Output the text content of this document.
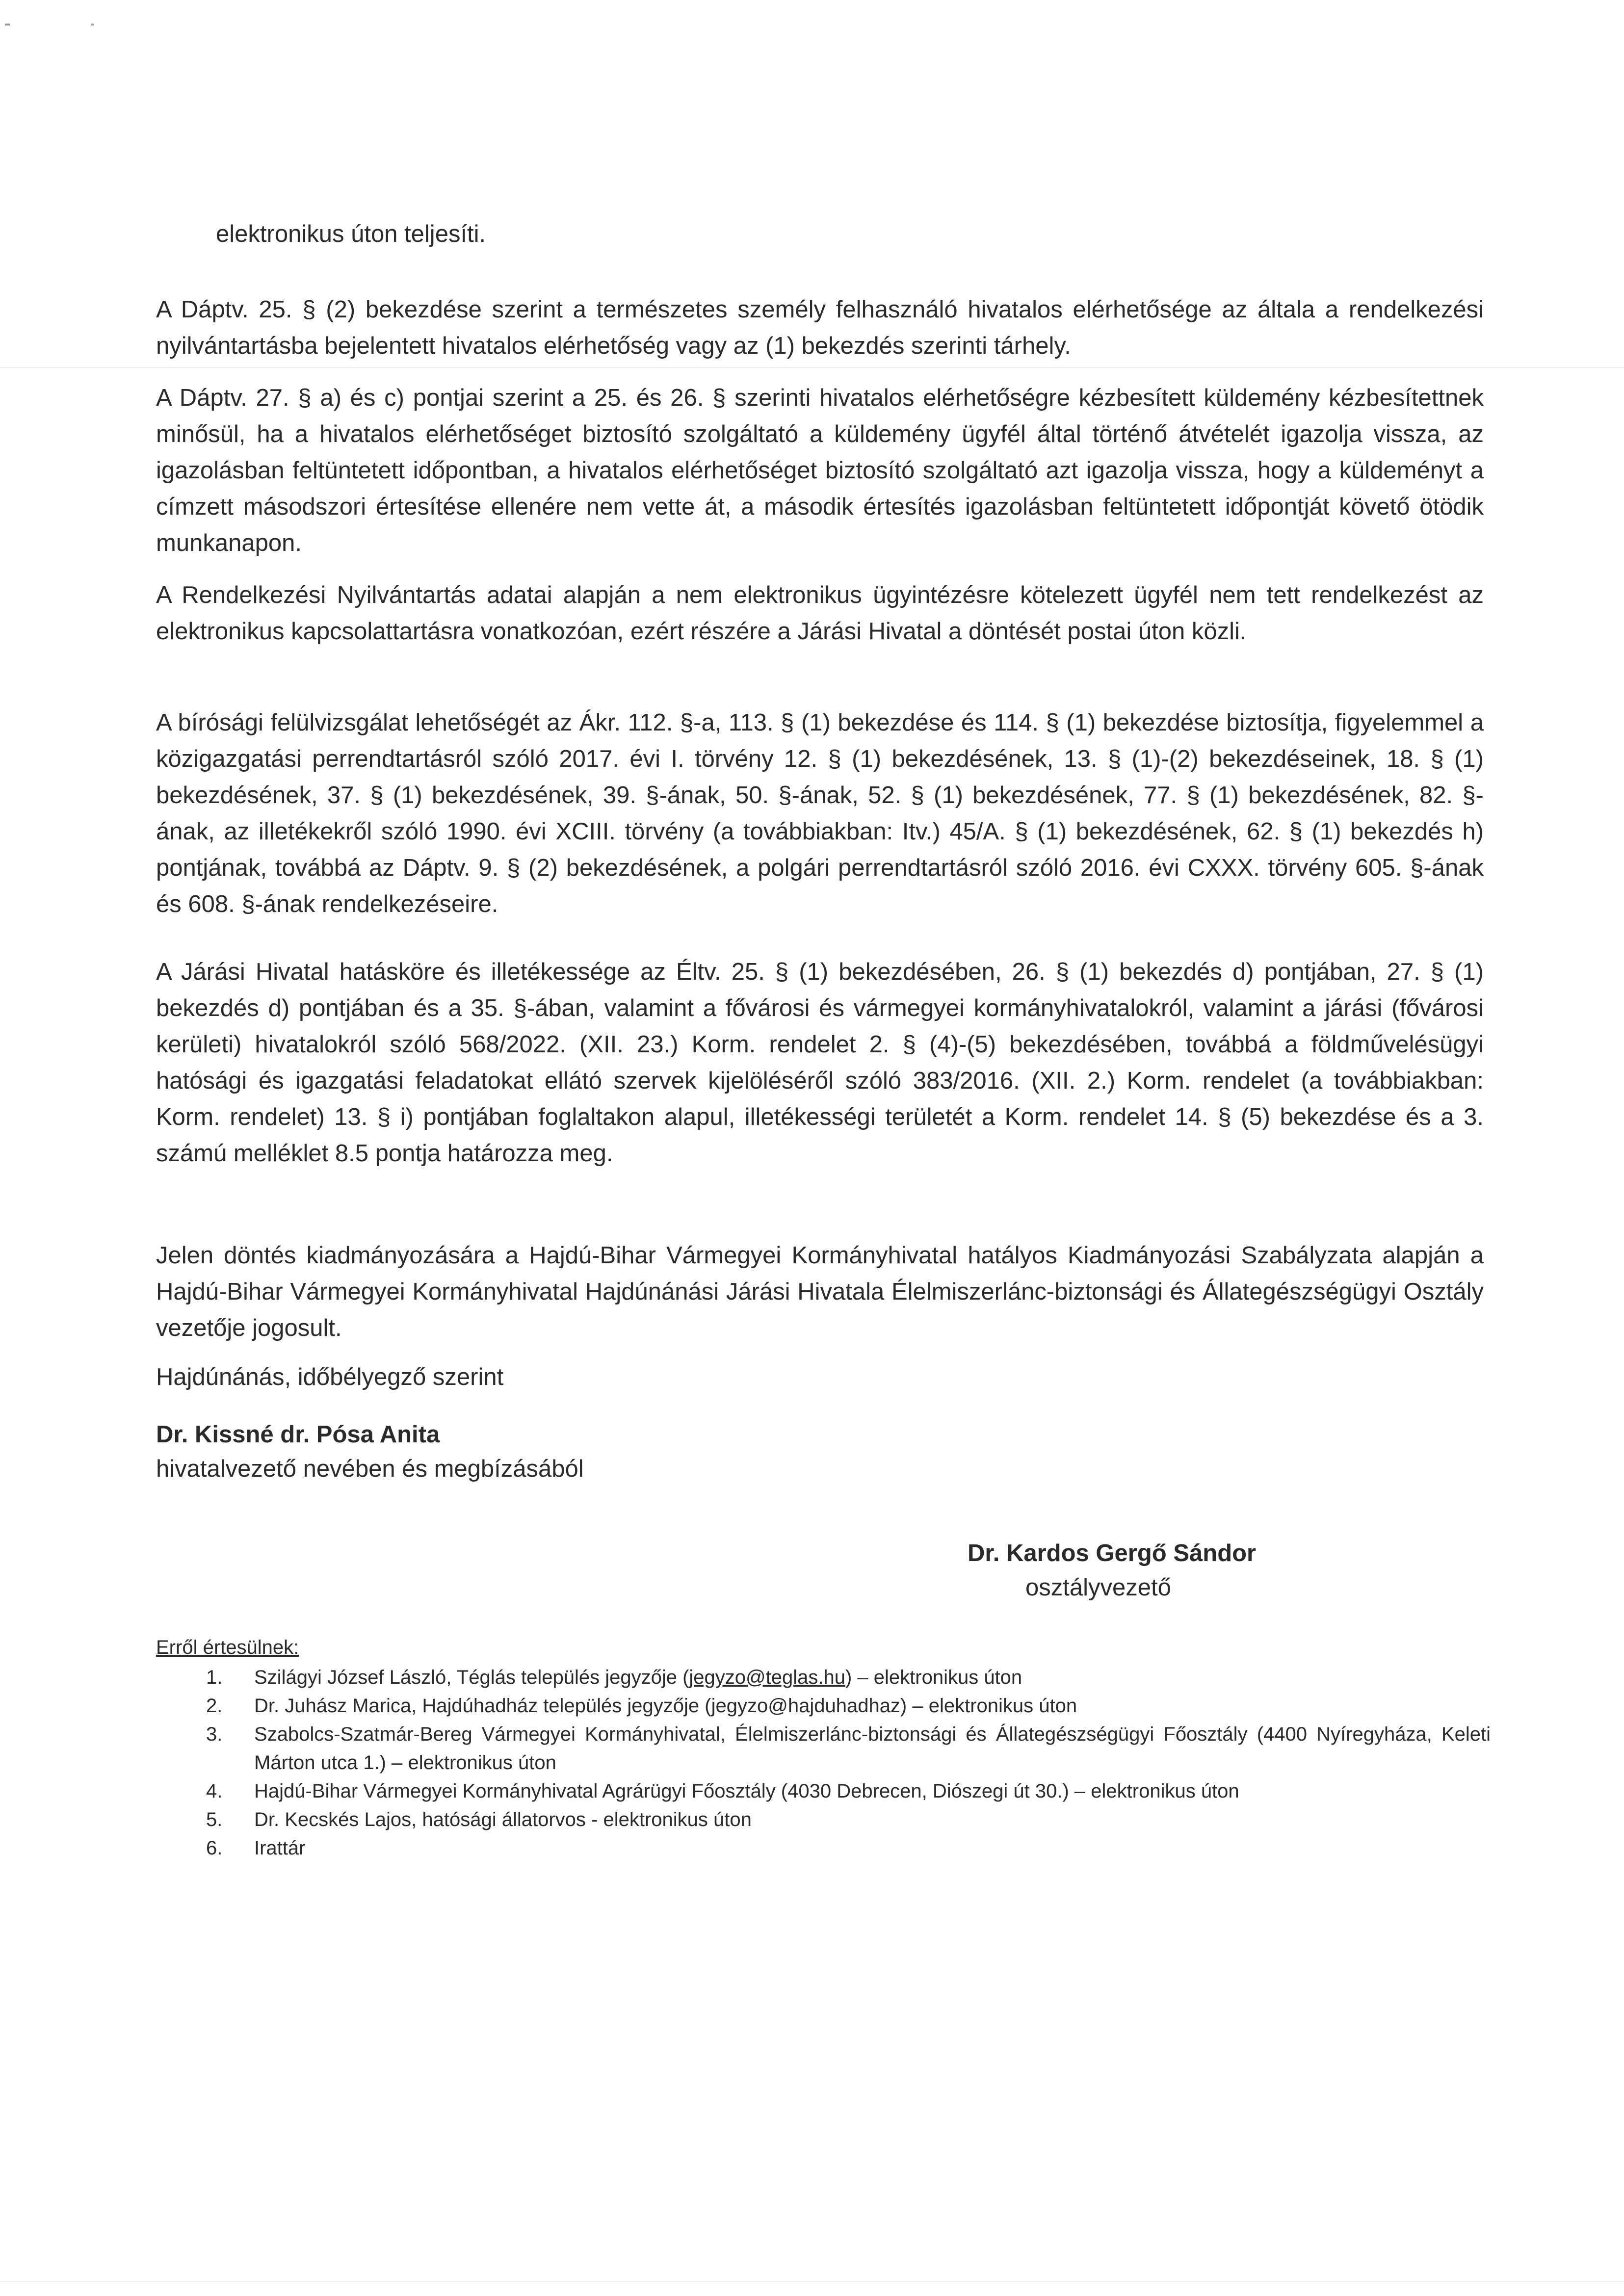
elektronikus úton teljesíti.

A Dáptv. 25. § (2) bekezdése szerint a természetes személy felhasználó hivatalos elérhetősége az általa a rendelkezési nyilvántartásba bejelentett hivatalos elérhetőség vagy az (1) bekezdés szerinti tárhely.

A Dáptv. 27. § a) és c) pontjai szerint a 25. és 26. § szerinti hivatalos elérhetőségre kézbesített küldemény kézbesítettnek minősül, ha a hivatalos elérhetőséget biztosító szolgáltató a küldemény ügyfél által történő átvételét igazolja vissza, az igazolásban feltüntetett időpontban, a hivatalos elérhetőséget biztosító szolgáltató azt igazolja vissza, hogy a küldeményt a címzett másodszori értesítése ellenére nem vette át, a második értesítés igazolásban feltüntetett időpontját követő ötödik munkanapon.

A Rendelkezési Nyilvántartás adatai alapján a nem elektronikus ügyintézésre kötelezett ügyfél nem tett rendelkezést az elektronikus kapcsolattartásra vonatkozóan, ezért részére a Járási Hivatal a döntését postai úton közli.

A bírósági felülvizsgálat lehetőségét az Ákr. 112. §-a, 113. § (1) bekezdése és 114. § (1) bekezdése biztosítja, figyelemmel a közigazgatási perrendtartásról szóló 2017. évi I. törvény 12. § (1) bekezdésének, 13. § (1)-(2) bekezdéseinek, 18. § (1) bekezdésének, 37. § (1) bekezdésének, 39. §-ának, 50. §-ának, 52. § (1) bekezdésének, 77. § (1) bekezdésének, 82. §-ának, az illetékekről szóló 1990. évi XCIII. törvény (a továbbiakban: Itv.) 45/A. § (1) bekezdésének, 62. § (1) bekezdés h) pontjának, továbbá az Dáptv. 9. § (2) bekezdésének, a polgári perrendtartásról szóló 2016. évi CXXX. törvény 605. §-ának és 608. §-ának rendelkezéseire.

A Járási Hivatal hatásköre és illetékessége az Éltv. 25. § (1) bekezdésében, 26. § (1) bekezdés d) pontjában, 27. § (1) bekezdés d) pontjában és a 35. §-ában, valamint a fővárosi és vármegyei kormányhivatalokról, valamint a járási (fővárosi kerületi) hivatalokról szóló 568/2022. (XII. 23.) Korm. rendelet 2. § (4)-(5) bekezdésében, továbbá a földművelésügyi hatósági és igazgatási feladatokat ellátó szervek kijelöléséről szóló 383/2016. (XII. 2.) Korm. rendelet (a továbbiakban: Korm. rendelet) 13. § i) pontjában foglaltakon alapul, illetékességi területét a Korm. rendelet 14. § (5) bekezdése és a 3. számú melléklet 8.5 pontja határozza meg.

Jelen döntés kiadmányozására a Hajdú-Bihar Vármegyei Kormányhivatal hatályos Kiadmányozási Szabályzata alapján a Hajdú-Bihar Vármegyei Kormányhivatal Hajdúnánási Járási Hivatala Élelmiszerlánc-biztonsági és Állategészségügyi Osztály vezetője jogosult.

Hajdúnánás, időbélyegző szerint

Dr. Kissné dr. Pósa Anita

hivatalvezető nevében és megbízásából

Dr. Kardos Gergő Sándor

osztályvezető

Erről értesülnek:

1. Szilágyi József László, Téglás település jegyzője (jegyzo@teglas.hu) – elektronikus úton
2. Dr. Juhász Marica, Hajdúhadház település jegyzője (jegyzo@hajduhadhaz) – elektronikus úton
3. Szabolcs-Szatmár-Bereg Vármegyei Kormányhivatal, Élelmiszerlánc-biztonsági és Állategészségügyi Főosztály (4400 Nyíregyháza, Keleti Márton utca 1.) – elektronikus úton
4. Hajdú-Bihar Vármegyei Kormányhivatal Agrárügyi Főosztály (4030 Debrecen, Diószegi út 30.) – elektronikus úton
5. Dr. Kecskés Lajos, hatósági állatorvos - elektronikus úton
6. Irattár
